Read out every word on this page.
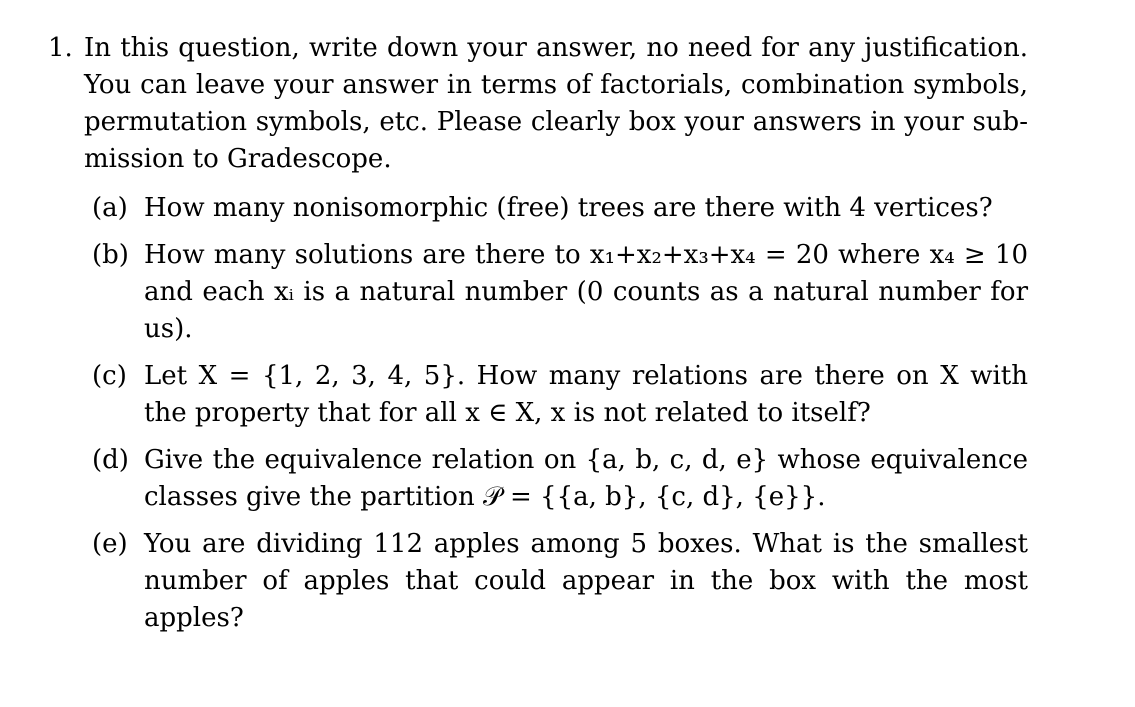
1. In this question, write down your answer, no need for any justification. You can leave your answer in terms of factorials, combination symbols, permutation symbols, etc. Please clearly box your answers in your sub-mission to Gradescope.
(a) How many nonisomorphic (free) trees are there with 4 vertices?
(b) How many solutions are there to x₁+x₂+x₃+x₄ = 20 where x₄ ≥ 10 and each xᵢ is a natural number (0 counts as a natural number for us).
(c) Let X = {1, 2, 3, 4, 5}. How many relations are there on X with the property that for all x ∈ X, x is not related to itself?
(d) Give the equivalence relation on {a, b, c, d, e} whose equivalence classes give the partition 𝒫 = {{a, b}, {c, d}, {e}}.
(e) You are dividing 112 apples among 5 boxes. What is the smallest number of apples that could appear in the box with the most apples?
